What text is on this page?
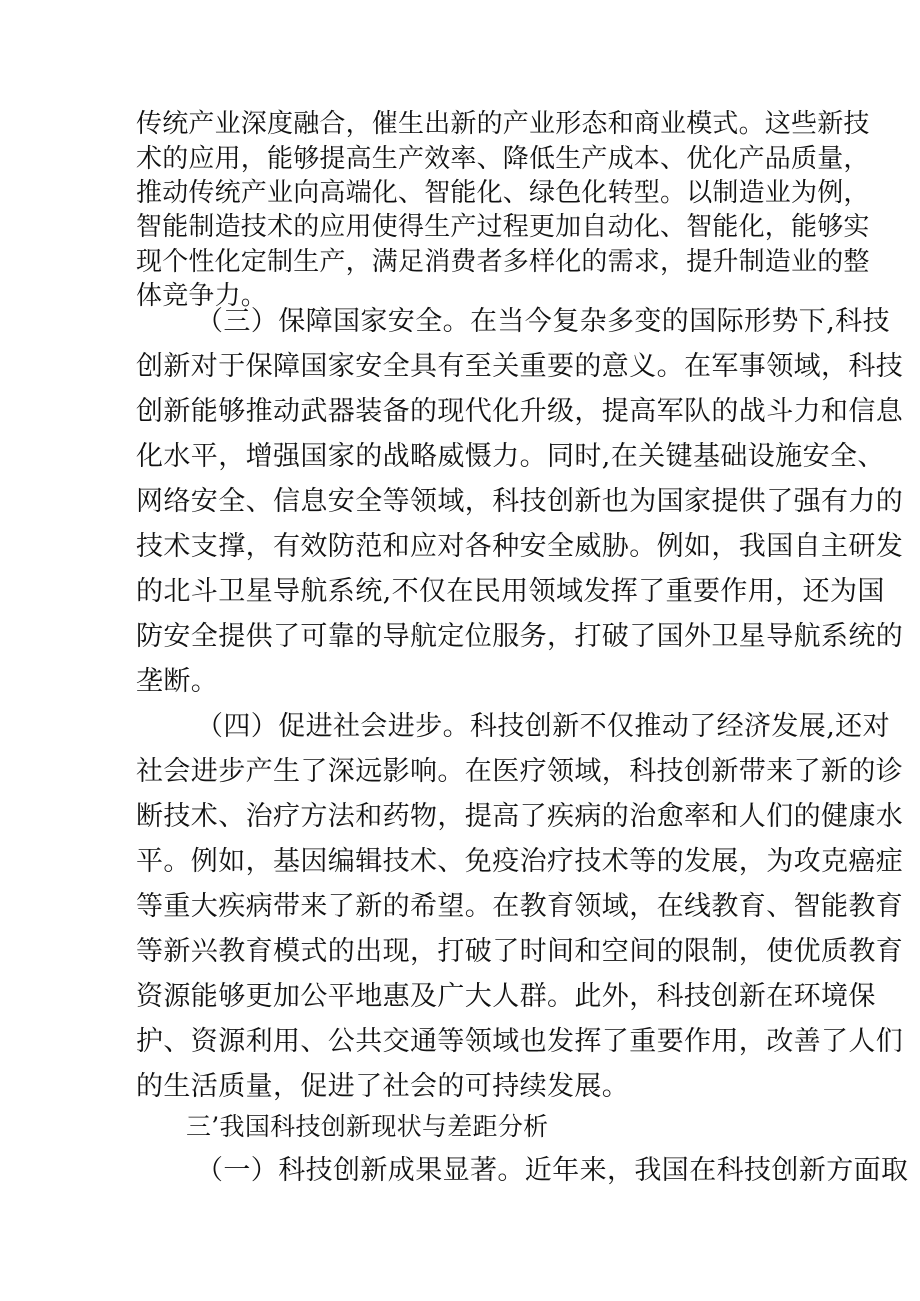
传统产业深度融合，催生出新的产业形态和商业模式。这些新技
术的应用，能够提高生产效率、降低生产成本、优化产品质量，
推动传统产业向高端化、智能化、绿色化转型。以制造业为例，
智能制造技术的应用使得生产过程更加自动化、智能化，能够实
现个性化定制生产，满足消费者多样化的需求，提升制造业的整
体竞争力。
（三）保障国家安全。在当今复杂多变的国际形势下,科技
创新对于保障国家安全具有至关重要的意义。在军事领域，科技
创新能够推动武器装备的现代化升级，提高军队的战斗力和信息
化水平，增强国家的战略威慑力。同时,在关键基础设施安全、
网络安全、信息安全等领域，科技创新也为国家提供了强有力的
技术支撑，有效防范和应对各种安全威胁。例如，我国自主研发
的北斗卫星导航系统,不仅在民用领域发挥了重要作用，还为国
防安全提供了可靠的导航定位服务，打破了国外卫星导航系统的
垄断。
（四）促进社会进步。科技创新不仅推动了经济发展,还对
社会进步产生了深远影响。在医疗领域，科技创新带来了新的诊
断技术、治疗方法和药物，提高了疾病的治愈率和人们的健康水
平。例如，基因编辑技术、免疫治疗技术等的发展，为攻克癌症
等重大疾病带来了新的希望。在教育领域，在线教育、智能教育
等新兴教育模式的出现，打破了时间和空间的限制，使优质教育
资源能够更加公平地惠及广大人群。此外，科技创新在环境保
护、资源利用、公共交通等领域也发挥了重要作用，改善了人们
的生活质量，促进了社会的可持续发展。
三’我国科技创新现状与差距分析
（一）科技创新成果显著。近年来，我国在科技创新方面取
